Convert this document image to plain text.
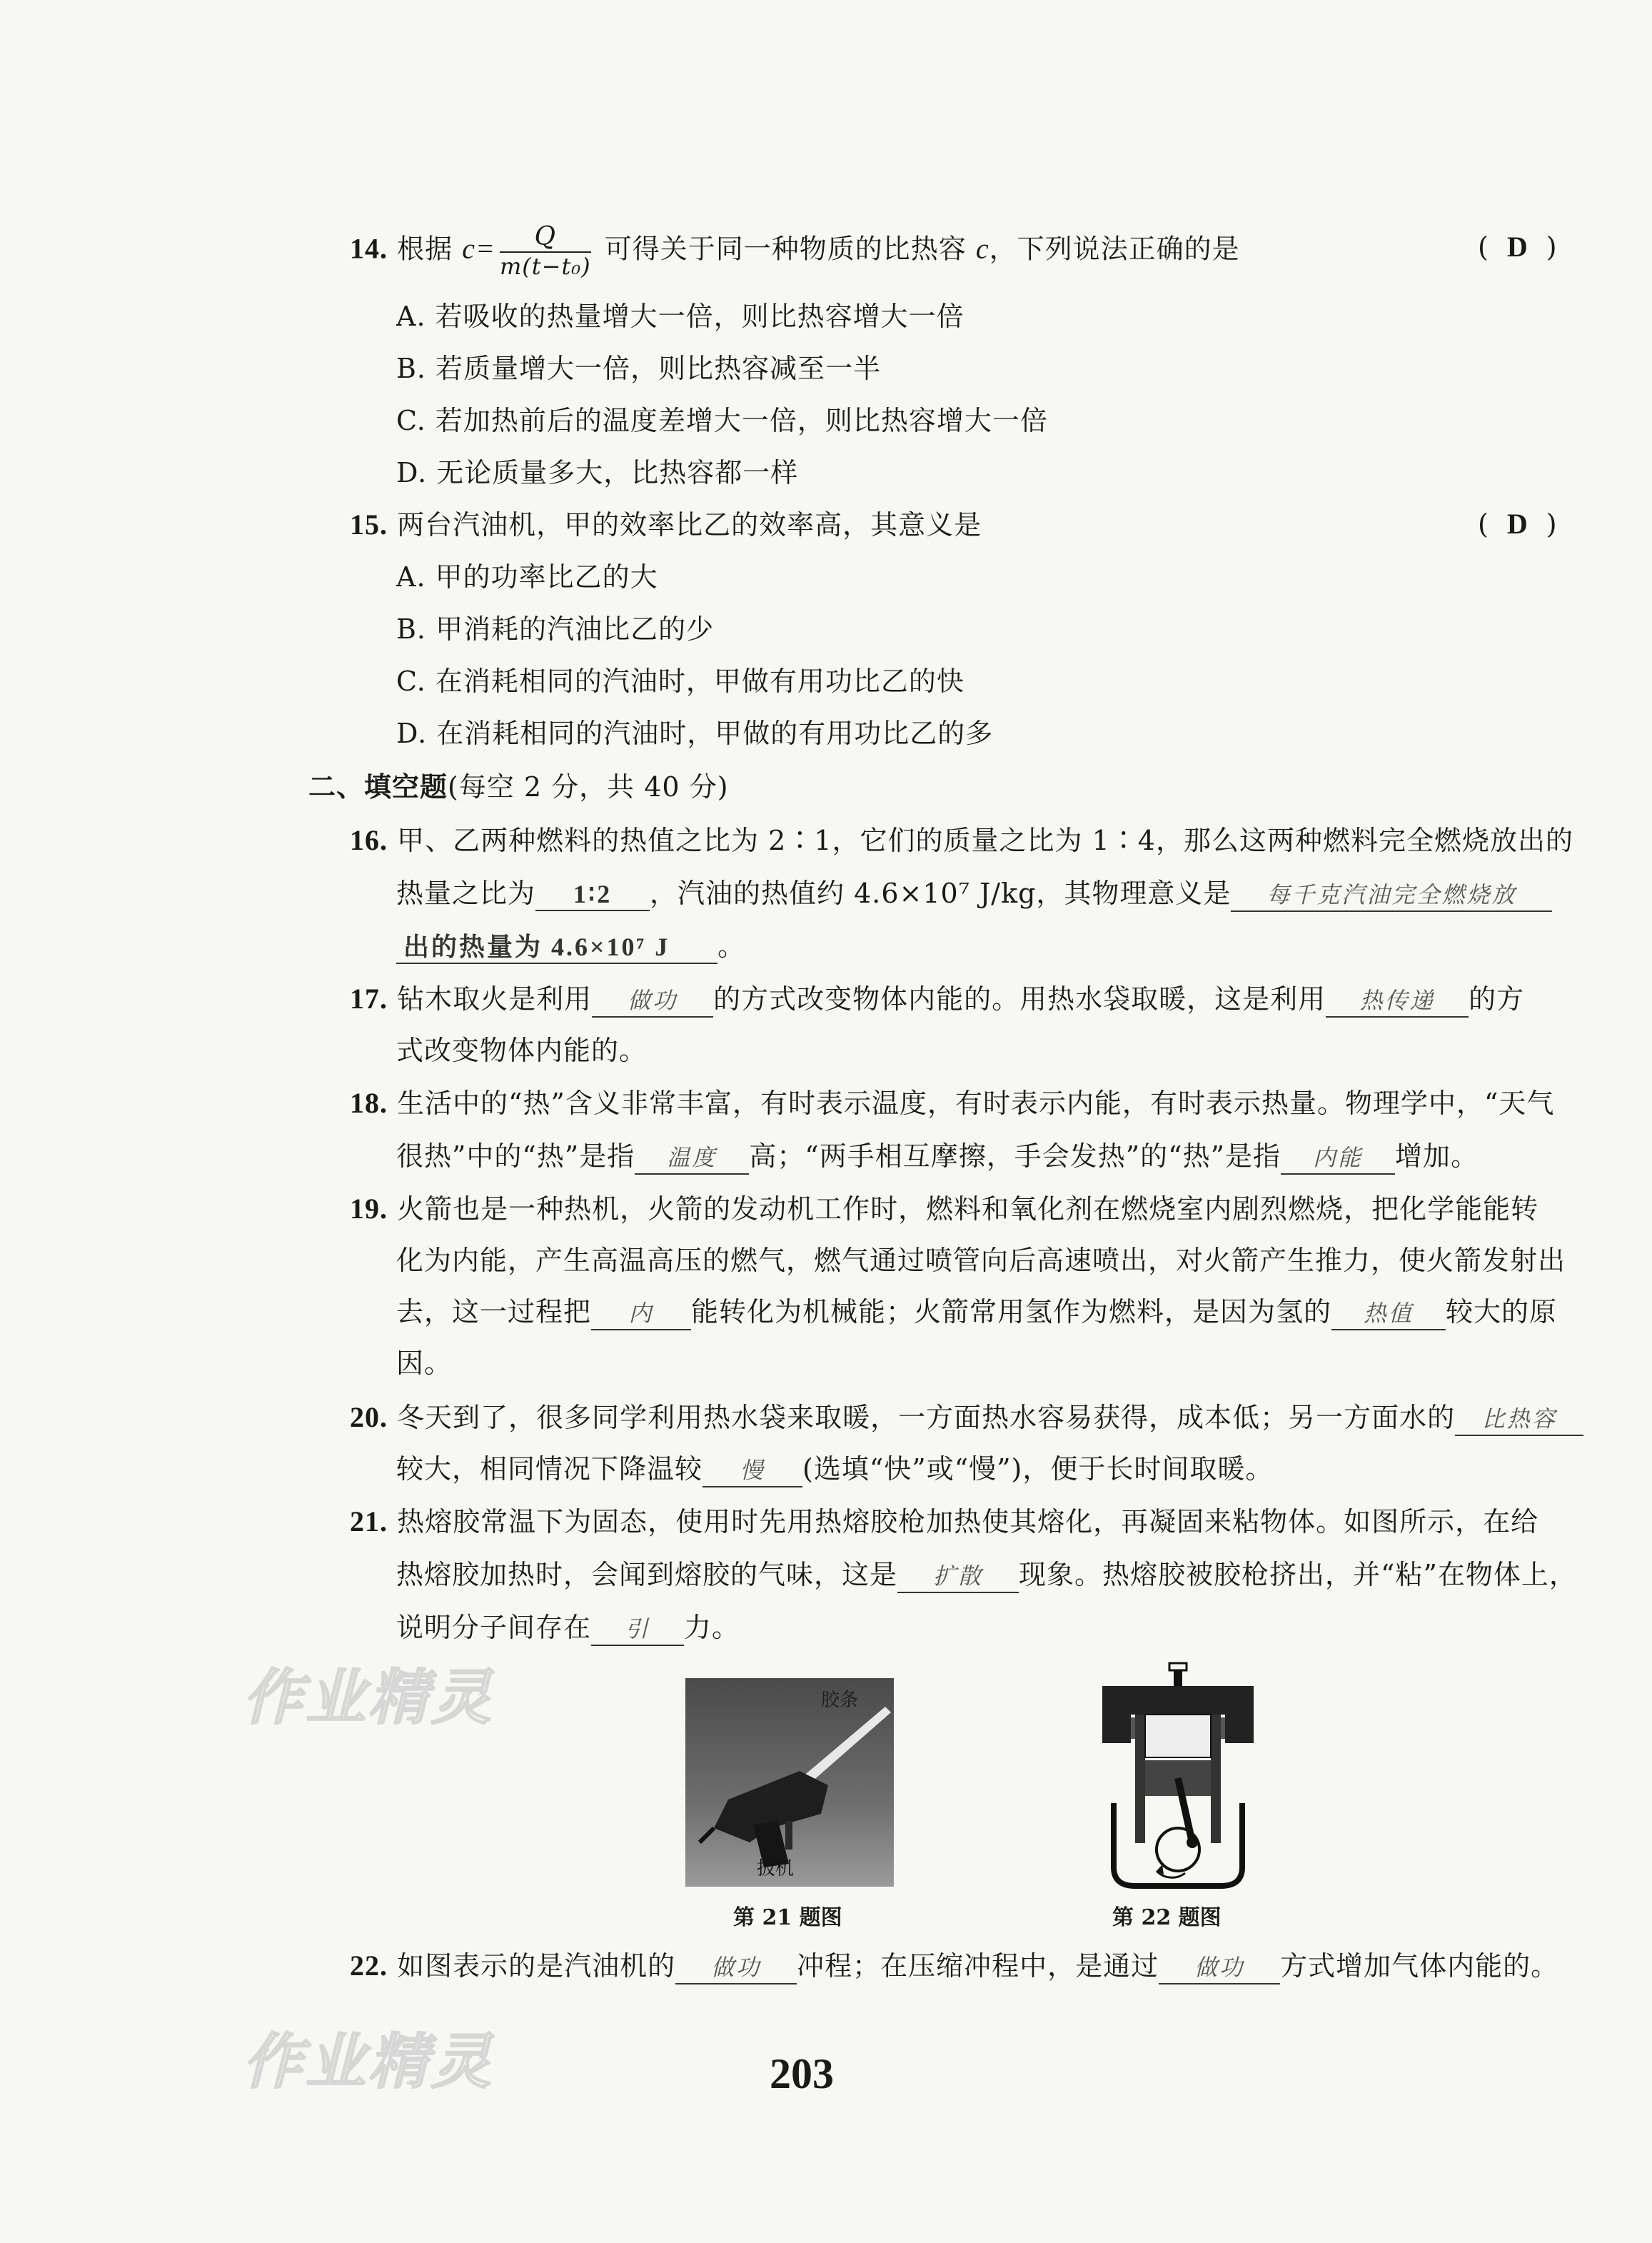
14. 根据 $c= \frac{Q}{\text{m(t−t₀)}}$ 可得关于同一种物质的比热容 c，下列说法正确的是	( D )
A. 若吸收的热量增大一倍，则比热容增大一倍
B. 若质量增大一倍，则比热容减至一半
C. 若加热前后的温度差增大一倍，则比热容增大一倍
D. 无论质量多大，比热容都一样
15. 两台汽油机，甲的效率比乙的效率高，其意义是	( D )
A. 甲的功率比乙的大
B. 甲消耗的汽油比乙的少
C. 在消耗相同的汽油时，甲做有用功比乙的快
D. 在消耗相同的汽油时，甲做的有用功比乙的多
二、填空题(每空 2 分，共 40 分)
16. 甲、乙两种燃料的热值之比为 2∶1，它们的质量之比为 1∶4，那么这两种燃料完全燃烧放出的
热量之比为 1∶2 ，汽油的热值约 4.6×10⁷ J/kg，其物理意义是 每千克汽油完全燃烧放
出的热量为 4.6×10⁷ J 。
17. 钻木取火是利用 做功 的方式改变物体内能的。用热水袋取暖，这是利用 热传递 的方
式改变物体内能的。
18. 生活中的“热”含义非常丰富，有时表示温度，有时表示内能，有时表示热量。物理学中，“天气
很热”中的“热”是指 温度 高；“两手相互摩擦，手会发热”的“热”是指 内能 增加。
19. 火箭也是一种热机，火箭的发动机工作时，燃料和氧化剂在燃烧室内剧烈燃烧，把化学能能转
化为内能，产生高温高压的燃气，燃气通过喷管向后高速喷出，对火箭产生推力，使火箭发射出
去，这一过程把 内 能转化为机械能；火箭常用氢作为燃料，是因为氢的 热值 较大的原
因。
20. 冬天到了，很多同学利用热水袋来取暖，一方面热水容易获得，成本低；另一方面水的 比热容
较大，相同情况下降温较 慢 (选填“快”或“慢”)，便于长时间取暖。
21. 热熔胶常温下为固态，使用时先用热熔胶枪加热使其熔化，再凝固来粘物体。如图所示，在给
热熔胶加热时，会闻到熔胶的气味，这是 扩散 现象。热熔胶被胶枪挤出，并“粘”在物体上，
说明分子间存在 引 力。
胶条
扳机
第 21 题图	第 22 题图
22. 如图表示的是汽油机的 做功 冲程；在压缩冲程中，是通过 做功 方式增加气体内能的。
作业精灵
作业精灵	203
